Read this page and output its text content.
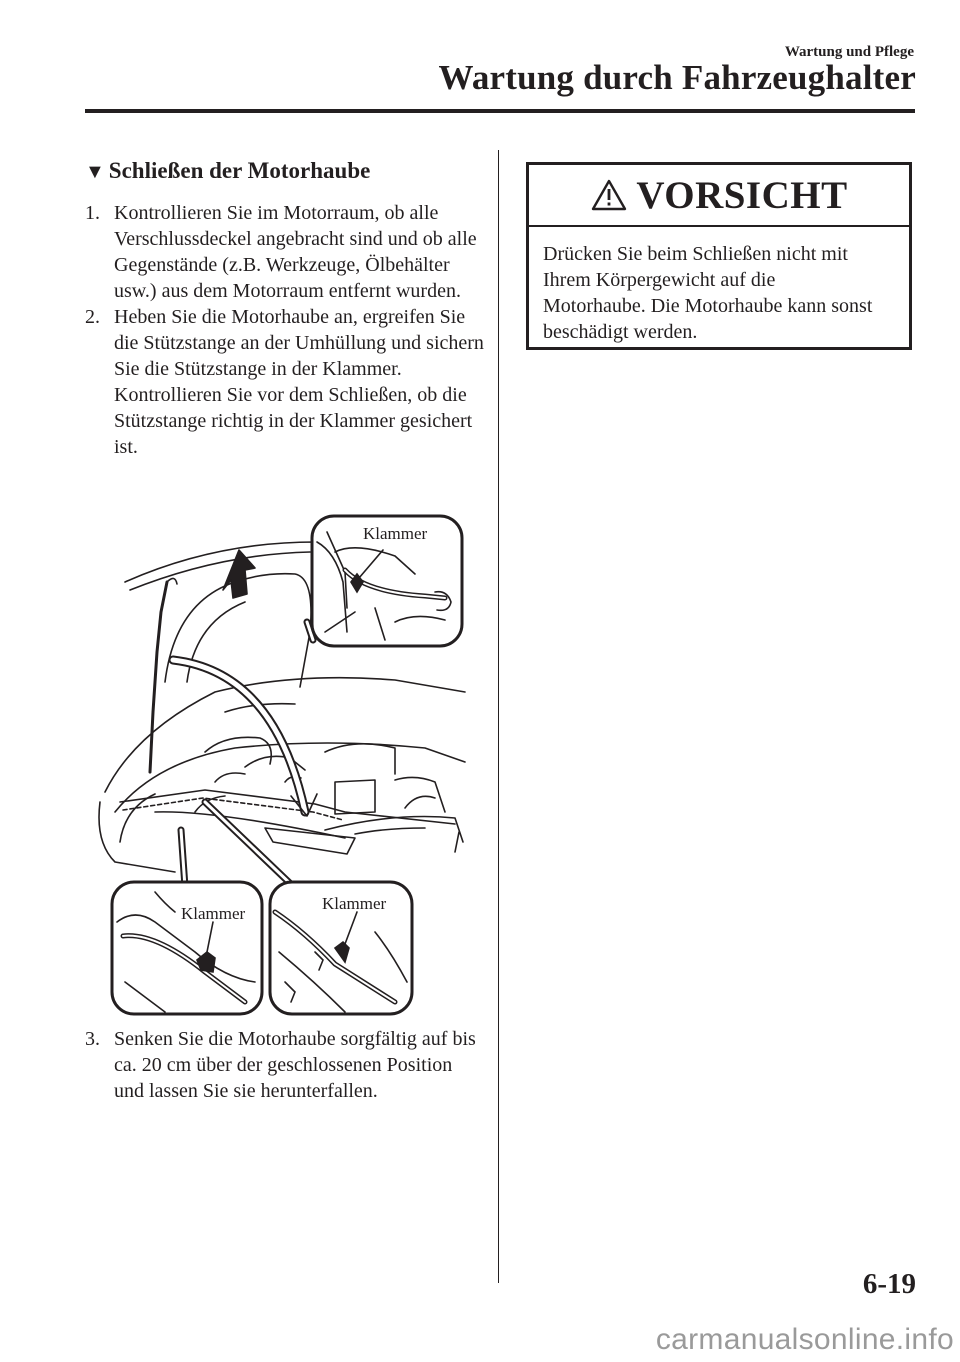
Wartung und Pflege
Wartung durch Fahrzeughalter
▼ Schließen der Motorhaube
1. Kontrollieren Sie im Motorraum, ob alle Verschlussdeckel angebracht sind und ob alle Gegenstände (z.B. Werkzeuge, Ölbehälter usw.) aus dem Motorraum entfernt wurden.
2. Heben Sie die Motorhaube an, ergreifen Sie die Stützstange an der Umhüllung und sichern Sie die Stützstange in der Klammer. Kontrollieren Sie vor dem Schließen, ob die Stützstange richtig in der Klammer gesichert ist.
Klammer
Klammer
Klammer
3. Senken Sie die Motorhaube sorgfältig auf bis ca. 20 cm über der geschlossenen Position und lassen Sie sie herunterfallen.
VORSICHT
Drücken Sie beim Schließen nicht mit Ihrem Körpergewicht auf die Motorhaube. Die Motorhaube kann sonst beschädigt werden.
6-19
carmanualsonline.info
